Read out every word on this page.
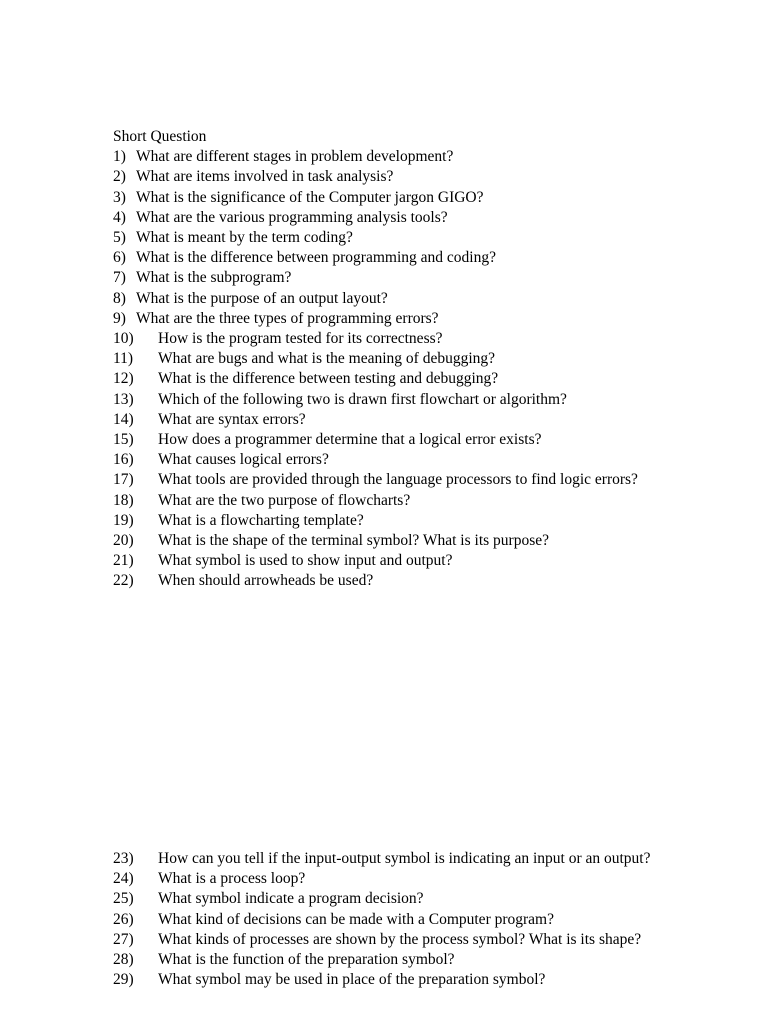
Short Question
1) What are different stages in problem development?
2) What are items involved in task analysis?
3) What is the significance of the Computer jargon GIGO?
4) What are the various programming analysis tools?
5) What is meant by the term coding?
6) What is the difference between programming and coding?
7) What is the subprogram?
8) What is the purpose of an output layout?
9) What are the three types of programming errors?
10)	How is the program tested for its correctness?
11)	What are bugs and what is the meaning of debugging?
12)	What is the difference between testing and debugging?
13)	Which of the following two is drawn first flowchart or algorithm?
14)	What are syntax errors?
15)	How does a programmer determine that a logical error exists?
16)	What causes logical errors?
17)	What tools are provided through the language processors to find logic errors?
18)	What are the two purpose of flowcharts?
19)	What is a flowcharting template?
20)	What is the shape of the terminal symbol? What is its purpose?
21)	What symbol is used to show input and output?
22)	When should arrowheads be used?
23)	How can you tell if the input-output symbol is indicating an input or an output?
24)	What is a process loop?
25)	What symbol indicate a program decision?
26)	What kind of decisions can be made with a Computer program?
27)	What kinds of processes are shown by the process symbol? What is its shape?
28)	What is the function of the preparation symbol?
29)	What symbol may be used in place of the preparation symbol?
